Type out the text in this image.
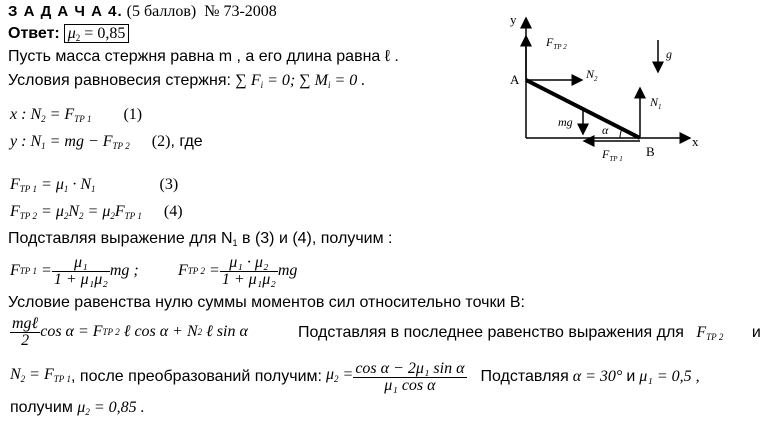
З А Д А Ч А 4. (5 баллов) № 73-2008
Ответ: $\mu_2 = 0,85$
Пусть масса стержня равна m , а его длина равна ℓ .
Условия равновесия стержня: ∑ $F_i = 0$; ∑ $M_i = 0$ .
x : $N_2 = F_{ТР 1}$ (1)
y : $N_1$ = mg − $F_{ТР 2}$ (2), где
$F_{ТР 1} = \mu_1 \cdot N_1$	(3)
$F_{ТР 2} = \mu_2N_2 = \mu_2F_{ТР 1}$ (4)
Подставляя выражение для $N_1$ в (3) и (4), получим :
F ТР 1
= $\frac{\text{μ₁}}{\text{1 + μ₁μ₂}}$ mg ; F ТР 2
= $\frac{\text{μ₁ · μ₂}}{\text{1 + μ₁μ₂}}$ mg
Условие равенства нулю суммы моментов сил относительно точки B:
$\frac{\text{mgℓ}}{2}$ cos α = F ТР 2
ℓ cos α + N 2
ℓ sin α	Подставляя в последнее равенство выражения для $F_{ТР 2}$ и
$N_2 = F_{ТР 1}$ , после преобразований получим:
$\mu_2 = \frac{\text{cos α − 2μ₁ sin α}}{\text{μ₁ cos α}}$ Подставляя
α = 30°
и
μ₁ = 0,5 ,
получим $\mu_2 = 0,85$ .
y
x
$F_{ТР 2}$
$N_2$
A
g⃗
$N_1$
mg
α
$F_{ТР 1}$ B
